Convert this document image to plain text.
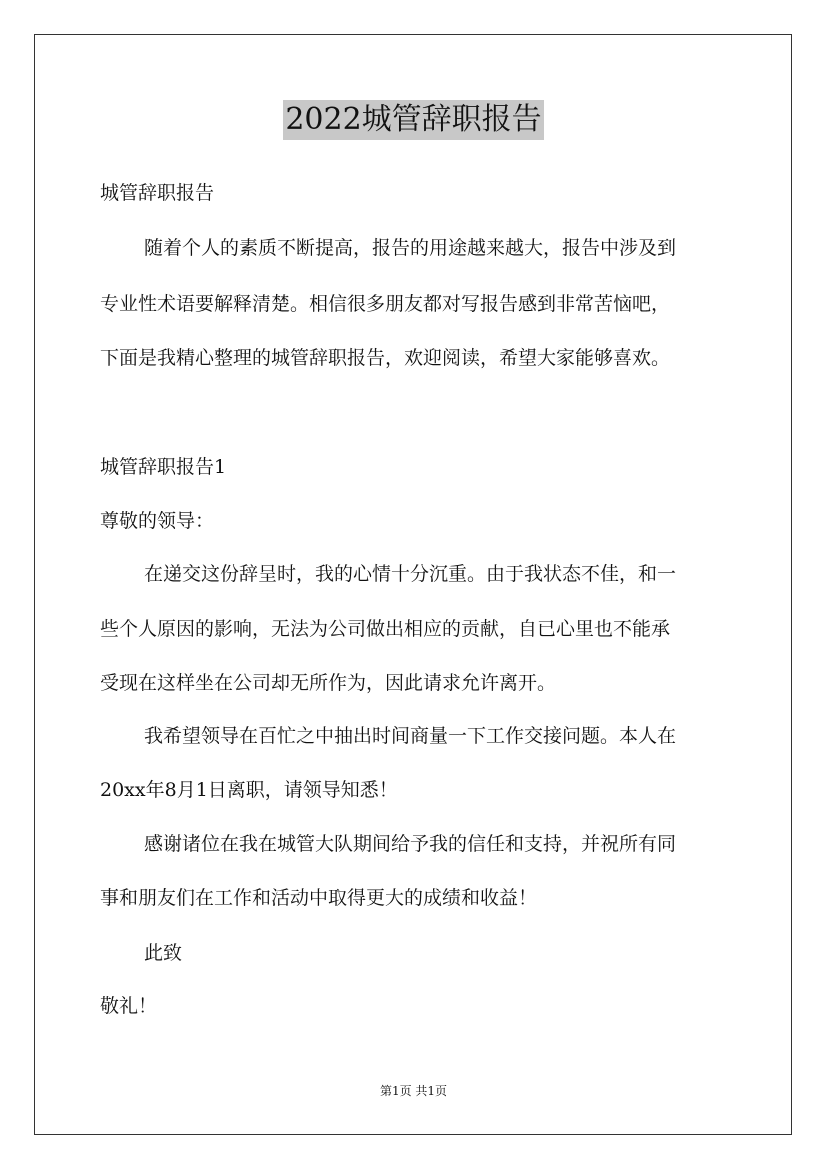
2022城管辞职报告
城管辞职报告
随着个人的素质不断提高，报告的用途越来越大，报告中涉及到
专业性术语要解释清楚。相信很多朋友都对写报告感到非常苦恼吧，
下面是我精心整理的城管辞职报告，欢迎阅读，希望大家能够喜欢。
城管辞职报告1
尊敬的领导：
在递交这份辞呈时，我的心情十分沉重。由于我状态不佳，和一
些个人原因的影响，无法为公司做出相应的贡献，自已心里也不能承
受现在这样坐在公司却无所作为，因此请求允许离开。
我希望领导在百忙之中抽出时间商量一下工作交接问题。本人在
20xx年8月1日离职，请领导知悉！
感谢诸位在我在城管大队期间给予我的信任和支持，并祝所有同
事和朋友们在工作和活动中取得更大的成绩和收益！
此致
敬礼！
第1页 共1页
